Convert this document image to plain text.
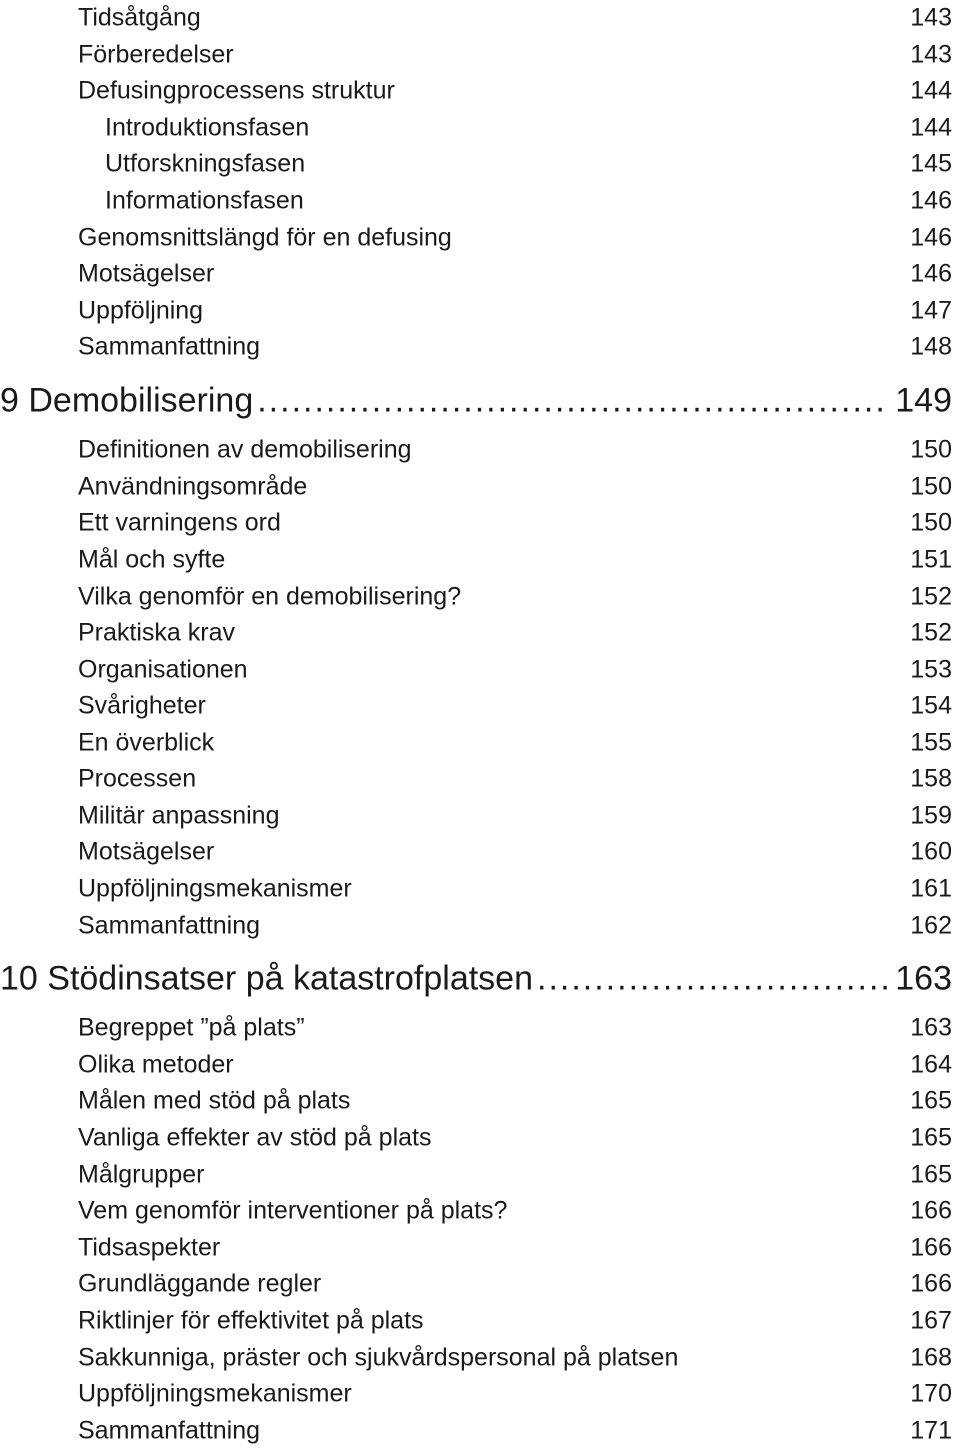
Tidsåtgång	143
Förberedelser	143
Defusingprocessens struktur	144
Introduktionsfasen	144
Utforskningsfasen	145
Informationsfasen	146
Genomsnittslängd för en defusing	146
Motsägelser	146
Uppföljning	147
Sammanfattning	148
9 Demobilisering .....	149
Definitionen av demobilisering	150
Användningsområde	150
Ett varningens ord	150
Mål och syfte	151
Vilka genomför en demobilisering?	152
Praktiska krav	152
Organisationen	153
Svårigheter	154
En överblick	155
Processen	158
Militär anpassning	159
Motsägelser	160
Uppföljningsmekanismer	161
Sammanfattning	162
10 Stödinsatser på katastrofplatsen .....	163
Begreppet ”på plats”	163
Olika metoder	164
Målen med stöd på plats	165
Vanliga effekter av stöd på plats	165
Målgrupper	165
Vem genomför interventioner på plats?	166
Tidsaspekter	166
Grundläggande regler	166
Riktlinjer för effektivitet på plats	167
Sakkunniga, präster och sjukvårdspersonal på platsen	168
Uppföljningsmekanismer	170
Sammanfattning	171
